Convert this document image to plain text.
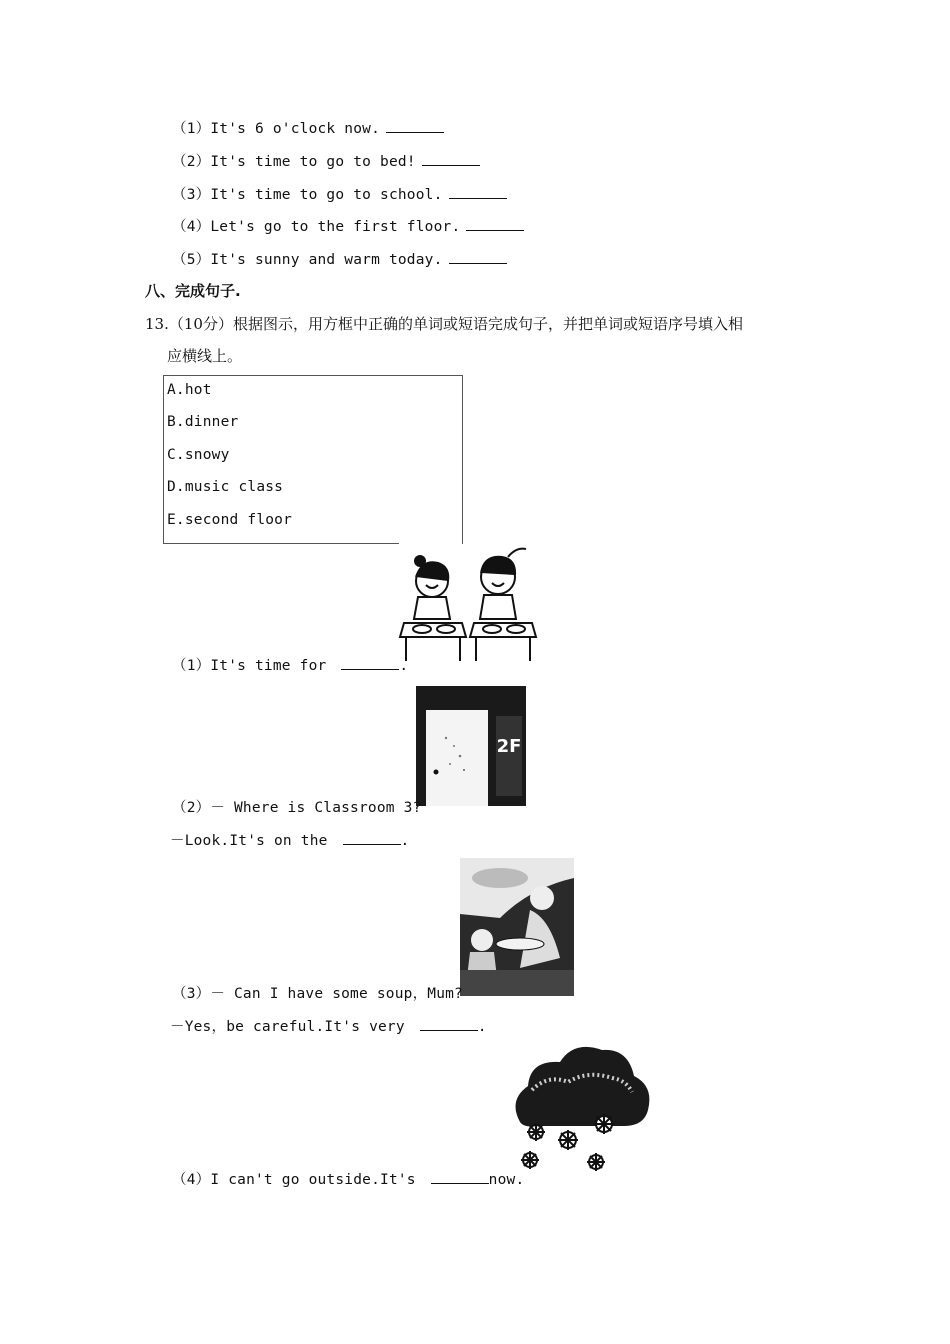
（1）It's 6 o'clock now.
（2）It's time to go to bed!
（3）It's time to go to school.
（4）Let's go to the first floor.
（5）It's sunny and warm today.
八、完成句子.
13.（10分）根据图示，用方框中正确的单词或短语完成句子，并把单词或短语序号填入相
应横线上。
A.hot
B.dinner
C.snowy
D.music class
E.second floor
（1）It's time for	.
2F
（2）－ Where is Classroom 3?
－Look.It's on the	.
（3）－ Can I have some soup，Mum?
－Yes，be careful.It's very	.
（4）I can't go outside.It's	now.
